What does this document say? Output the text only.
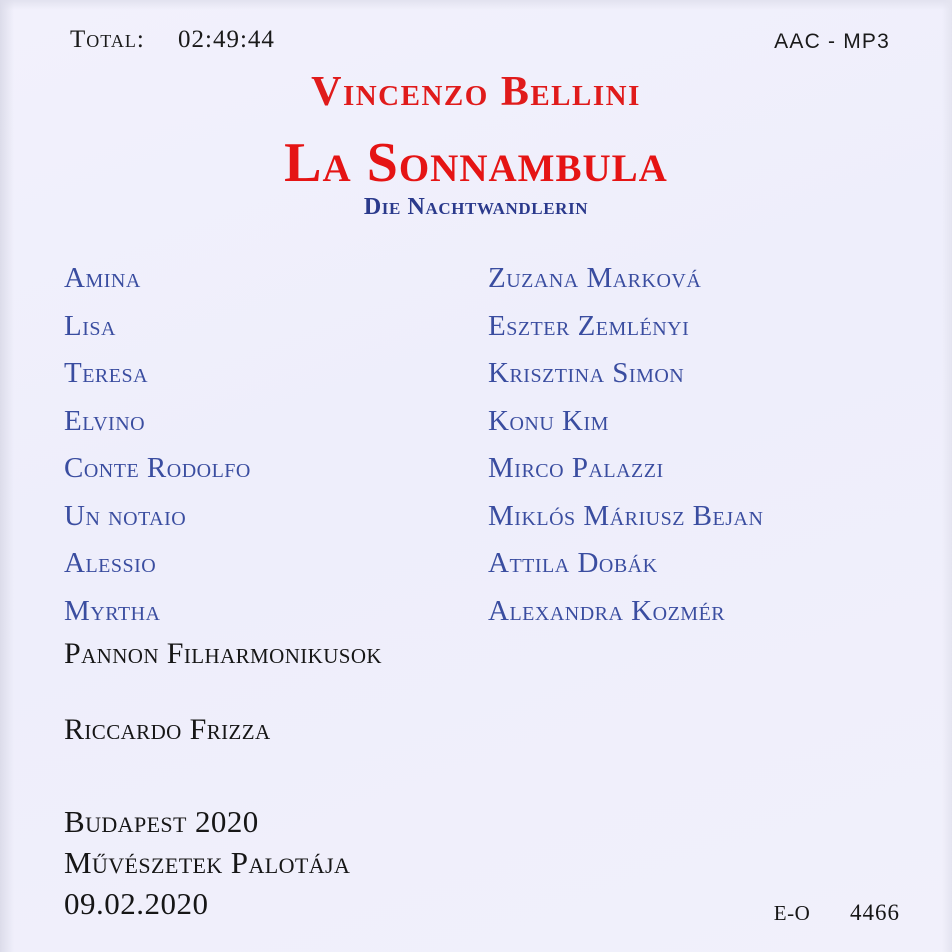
Total: 02:49:44	AAC - MP3
Vincenzo Bellini
La Sonnambula
Die Nachtwandlerin
Amina	Zuzana Marková
Lisa	Eszter Zemlényi
Teresa	Krisztina Simon
Elvino	Konu Kim
Conte Rodolfo	Mirco Palazzi
Un notaio	Miklós Máriusz Bejan
Alessio	Attila Dobák
Myrtha	Alexandra Kozmér
Pannon Filharmonikusok
Riccardo Frizza
Budapest 2020
Művészetek Palotája
09.02.2020	E-O 4466
